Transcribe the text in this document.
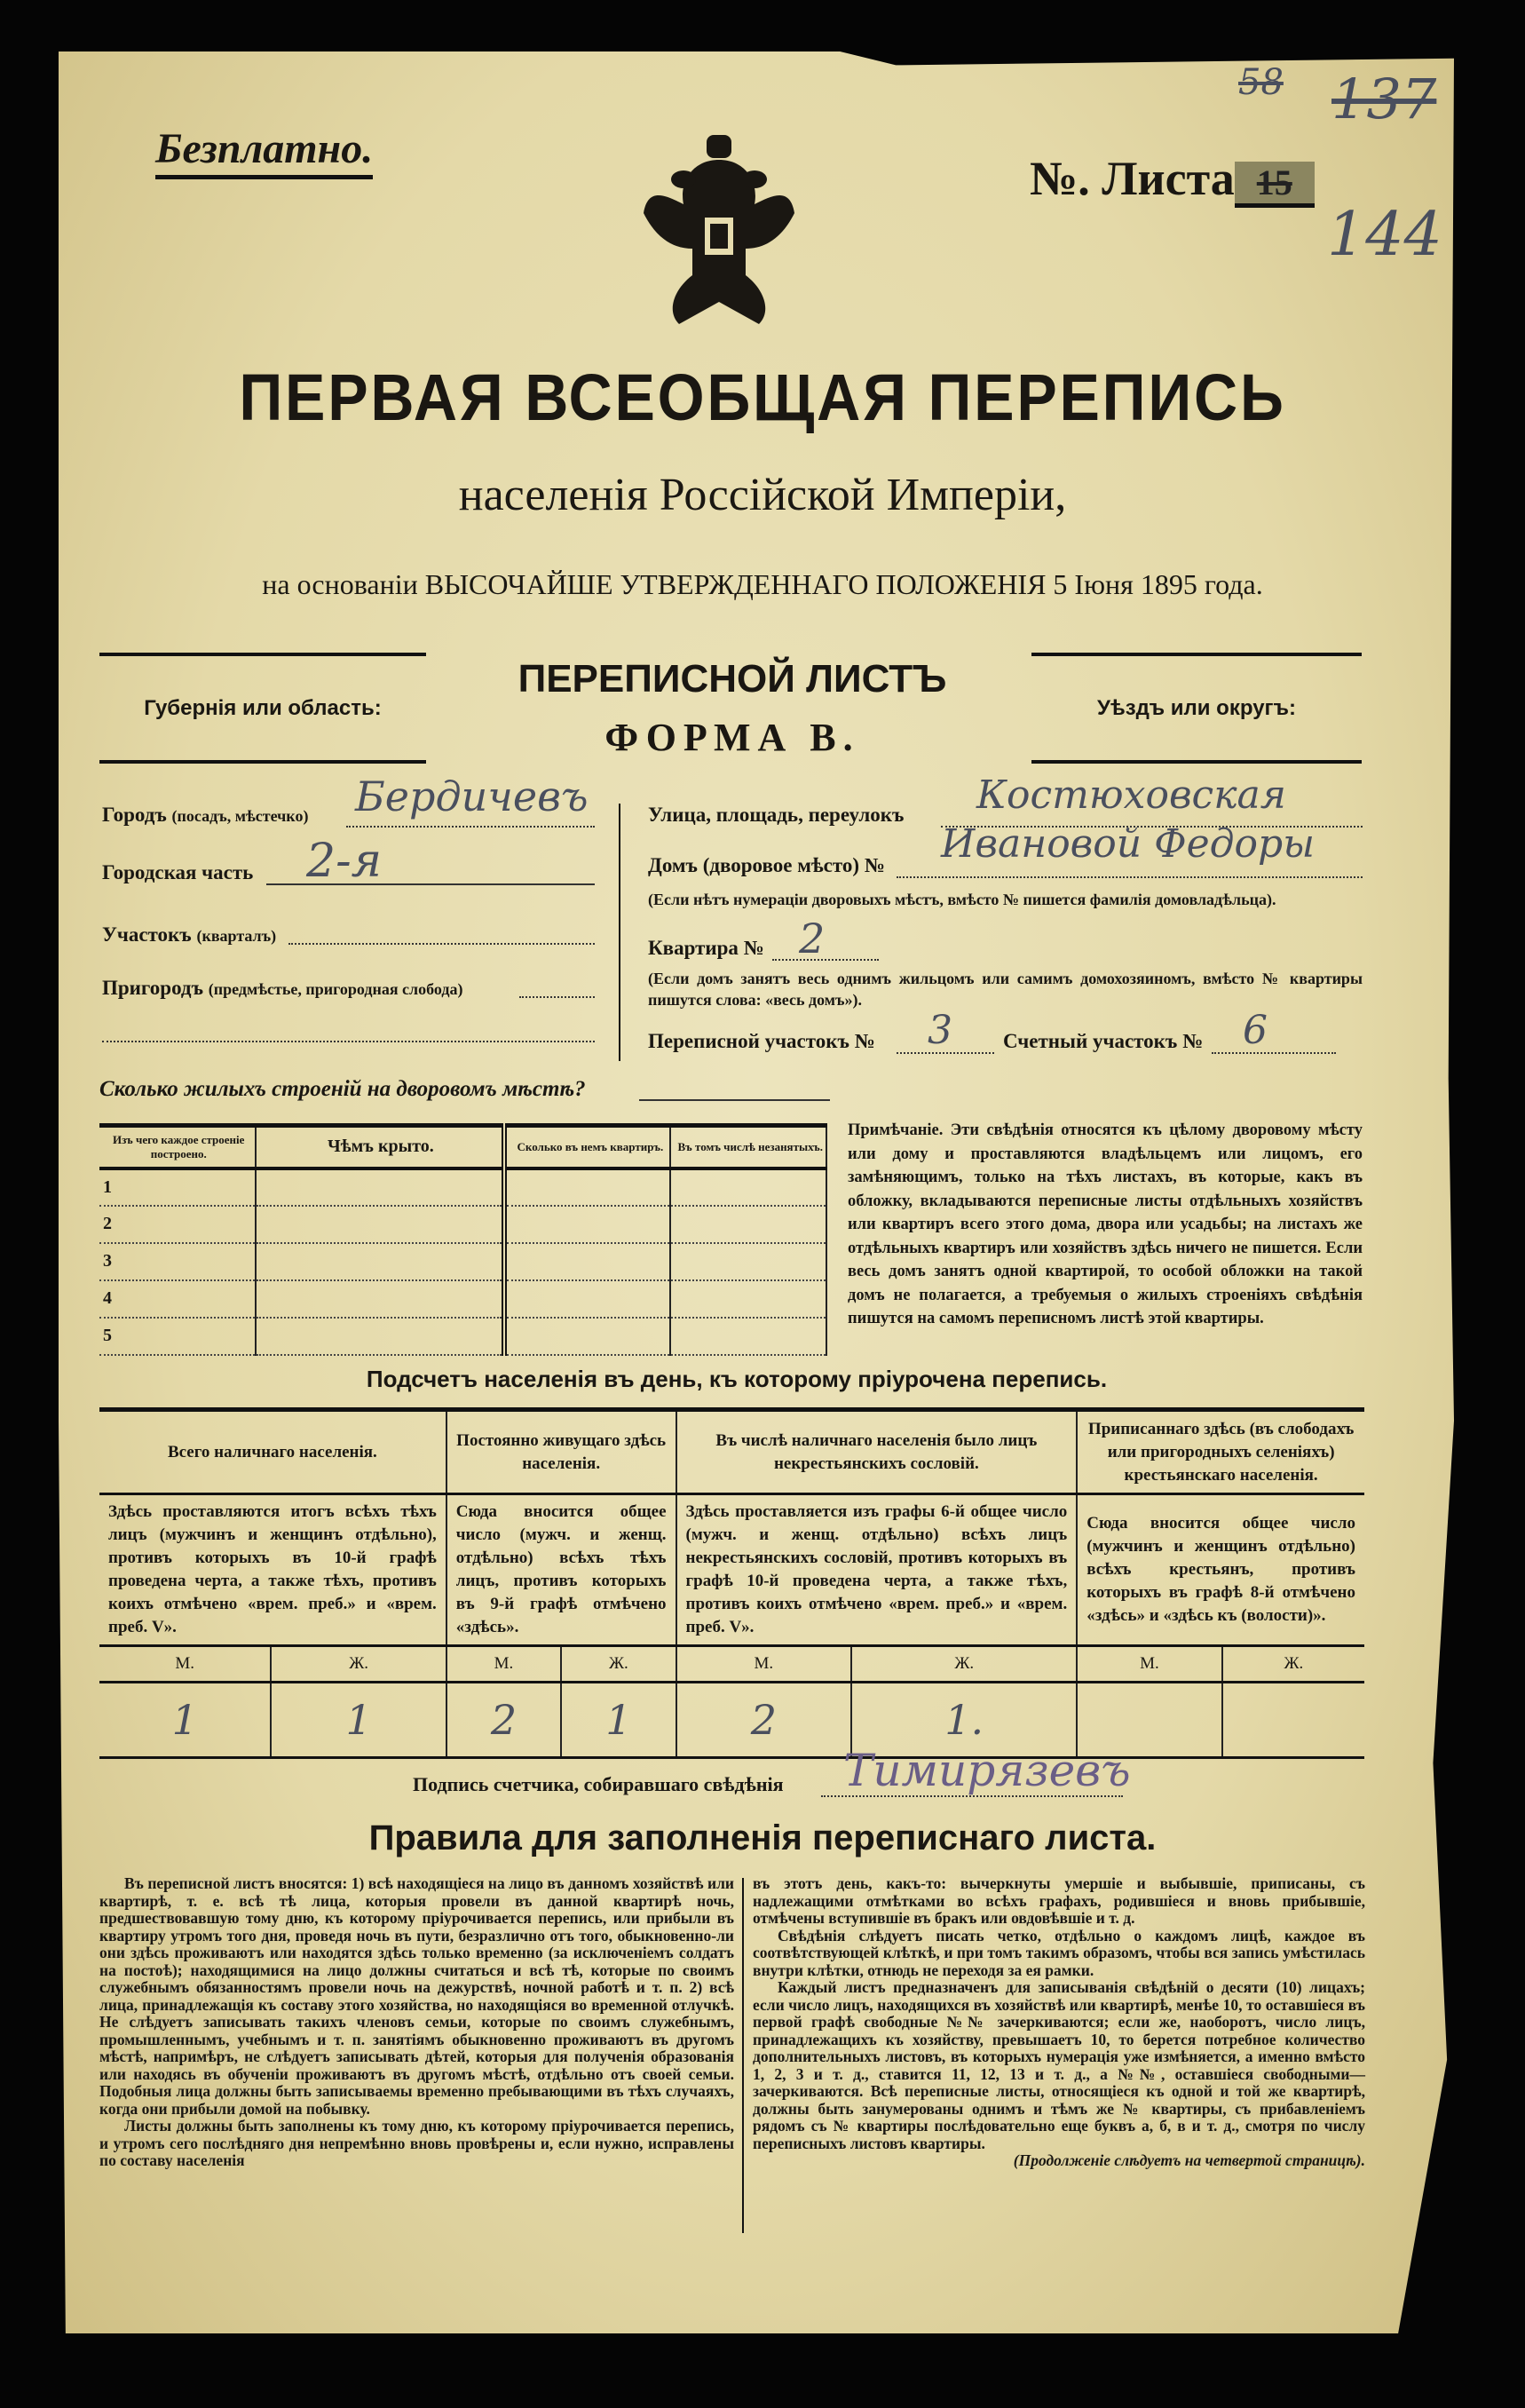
Безплатно.
№. Листа 15
58 137
144
ПЕРВАЯ ВСЕОБЩАЯ ПЕРЕПИСЬ
населенія Россійской Имперіи,
на основаніи ВЫСОЧАЙШЕ УТВЕРЖДЕННАГО ПОЛОЖЕНІЯ 5 Іюня 1895 года.
Губернія или область:
ПЕРЕПИСНОЙ ЛИСТЪ
ФОРМА В.
Уѣздъ или округъ:
Городъ (посадъ, мѣстечко) Бердичевъ
Городская часть 2-я
Участокъ (кварталъ)
Пригородъ (предмѣстье, пригородная слобода)
Улица, площадь, переулокъ Костюховская
Домъ (дворовое мѣсто) № Ивановой Федоры
(Если нѣтъ нумераціи дворовыхъ мѣстъ, вмѣсто № пишется фамилія домовладѣльца).
Квартира № 2
(Если домъ занятъ весь однимъ жильцомъ или самимъ домохозяиномъ, вмѣсто № квартиры пишутся слова: «весь домъ»).
Переписной участокъ № 3 Счетный участокъ № 6
Сколько жилыхъ строеній на дворовомъ мѣстѣ?
Изъ чего каждое строеніе построено.	Чѣмъ крыто.	Сколько въ немъ квартиръ.	Въ томъ числѣ незанятыхъ.
1			
2			
3			
4			
5			
Примѣчаніе. Эти свѣдѣнія относятся къ цѣлому дворовому мѣсту или дому и проставляются владѣльцемъ или лицомъ, его замѣняющимъ, только на тѣхъ листахъ, въ которые, какъ въ обложку, вкладываются переписные листы отдѣльныхъ хозяйствъ или квартиръ всего этого дома, двора или усадьбы; на листахъ же отдѣльныхъ квартиръ или хозяйствъ здѣсь ничего не пишется. Если весь домъ занятъ одной квартирой, то особой обложки на такой домъ не полагается, а требуемыя о жилыхъ строеніяхъ свѣдѣнія пишутся на самомъ переписномъ листѣ этой квартиры.
Подсчетъ населенія въ день, къ которому пріурочена перепись.
Всего наличнаго населенія.		Постоянно живущаго здѣсь населенія.		Въ числѣ наличнаго населенія было лицъ некрестьянскихъ сословій.		Приписаннаго здѣсь (въ слободахъ или пригородныхъ селеніяхъ) крестьянскаго населенія.	
Здѣсь проставляются итогъ всѣхъ тѣхъ лицъ (мужчинъ и женщинъ отдѣльно), противъ которыхъ въ 10-й графѣ проведена черта, а также тѣхъ, противъ коихъ отмѣчено «врем. преб.» и «врем. преб. V».		Сюда вносится общее число (мужч. и женщ. отдѣльно) всѣхъ тѣхъ лицъ, противъ которыхъ въ 9-й графѣ отмѣчено «здѣсь».		Здѣсь проставляется изъ графы 6-й общее число (мужч. и женщ. отдѣльно) всѣхъ лицъ некрестьянскихъ сословій, противъ которыхъ въ графѣ 10-й проведена черта, а также тѣхъ, противъ коихъ отмѣчено «врем. преб.» и «врем. преб. V».		Сюда вносится общее число (мужчинъ и женщинъ отдѣльно) всѣхъ крестьянъ, противъ которыхъ въ графѣ 8-й отмѣчено «здѣсь» и «здѣсь къ (волости)».	
М.	Ж.	М.	Ж.	М.	Ж.	М.	Ж.
1	1	2	1	2	1.		
Подпись счетчика, собиравшаго свѣдѣнія Тимирязевъ
Правила для заполненія переписнаго листа.

Въ переписной листъ вносятся: 1) всѣ находящіеся на лицо въ данномъ хозяйствѣ или квартирѣ, т. е. всѣ тѣ лица, которыя провели въ данной квартирѣ ночь, предшествовавшую тому дню, къ которому пріурочивается перепись, или прибыли въ квартиру утромъ того дня, проведя ночь въ пути, безразлично отъ того, обыкновенно-ли они здѣсь проживаютъ или находятся здѣсь только временно (за исключеніемъ солдатъ на постоѣ); находящимися на лицо должны считаться и всѣ тѣ, которые по своимъ служебнымъ обязанностямъ провели ночь на дежурствѣ, ночной работѣ и т. п. 2) всѣ лица, принадлежащія къ составу этого хозяйства, но находящіяся во временной отлучкѣ. Не слѣдуетъ записывать такихъ членовъ семьи, которые по своимъ служебнымъ, промышленнымъ, учебнымъ и т. п. занятіямъ обыкновенно проживаютъ въ другомъ мѣстѣ, напримѣръ, не слѣдуетъ записывать дѣтей, которыя для полученія образованія или находясь въ обученіи проживаютъ въ другомъ мѣстѣ, отдѣльно отъ своей семьи. Подобныя лица должны быть записываемы временно пребывающими въ тѣхъ случаяхъ, когда они прибыли домой на побывку.

Листы должны быть заполнены къ тому дню, къ которому пріурочивается перепись, и утромъ сего послѣдняго дня непремѣнно вновь провѣрены и, если нужно, исправлены по составу населенія

въ этотъ день, какъ-то: вычеркнуты умершіе и выбывшіе, приписаны, съ надлежащими отмѣтками во всѣхъ графахъ, родившіеся и вновь прибывшіе, отмѣчены вступившіе въ бракъ или овдовѣвшіе и т. д.

Свѣдѣнія слѣдуетъ писать четко, отдѣльно о каждомъ лицѣ, каждое въ соотвѣтствующей клѣткѣ, и при томъ такимъ образомъ, чтобы вся запись умѣстилась внутри клѣтки, отнюдь не переходя за ея рамки.

Каждый листъ предназначенъ для записыванія свѣдѣній о десяти (10) лицахъ; если число лицъ, находящихся въ хозяйствѣ или квартирѣ, менѣе 10, то оставшіеся въ первой графѣ свободные №№ зачеркиваются; если же, наоборотъ, число лицъ, принадлежащихъ къ хозяйству, превышаетъ 10, то берется потребное количество дополнительныхъ листовъ, въ которыхъ нумерація уже измѣняется, а именно вмѣсто 1, 2, 3 и т. д., ставится 11, 12, 13 и т. д., а №№, оставшіеся свободными—зачеркиваются. Всѣ переписные листы, относящіеся къ одной и той же квартирѣ, должны быть занумерованы однимъ и тѣмъ же № квартиры, съ прибавленіемъ рядомъ съ № квартиры послѣдовательно еще буквъ а, б, в и т. д., смотря по числу переписныхъ листовъ квартиры.

(Продолженіе слѣдуетъ на четвертой страницѣ).
